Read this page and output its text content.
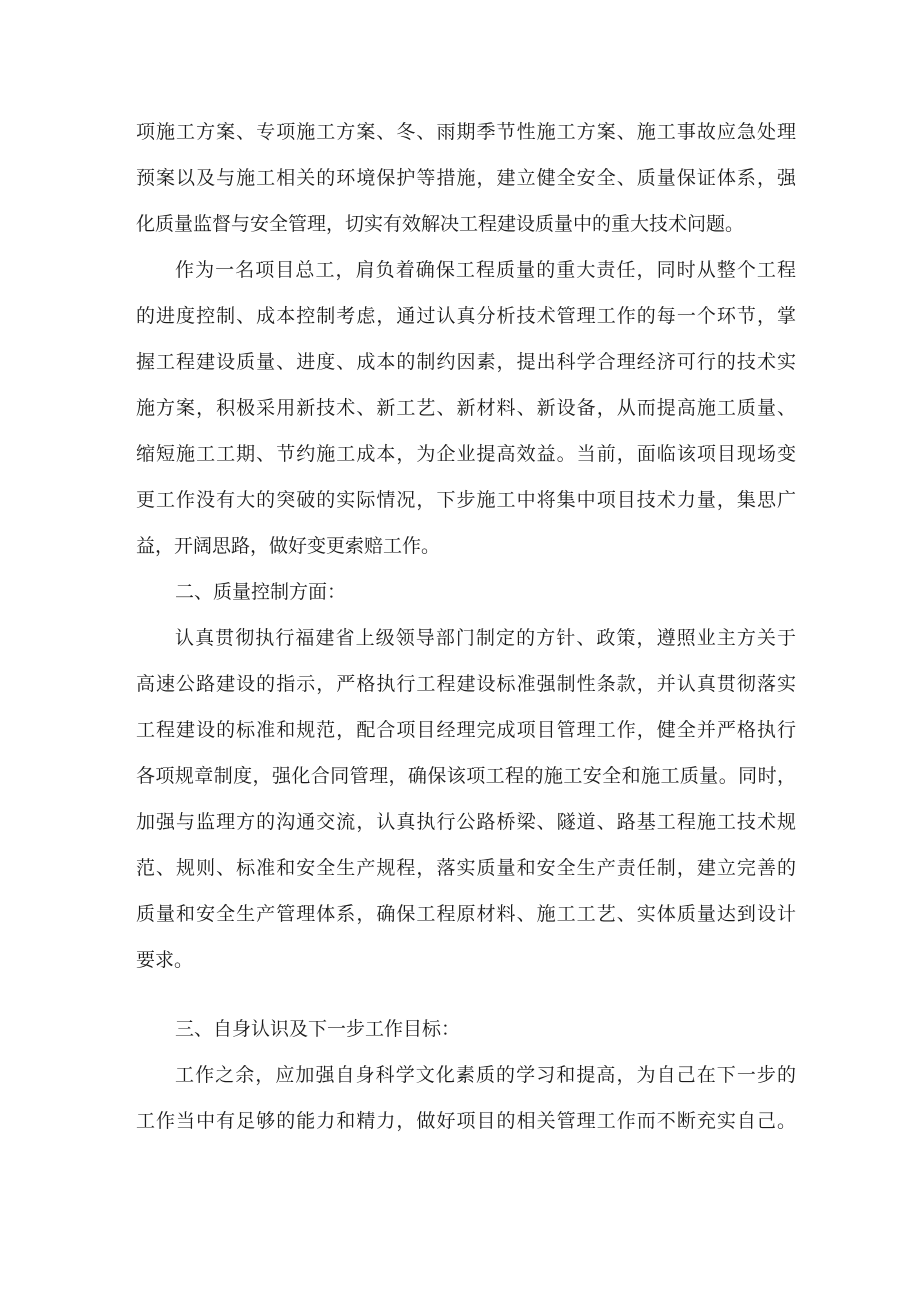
项施工方案、专项施工方案、冬、雨期季节性施工方案、施工事故应急处理
预案以及与施工相关的环境保护等措施，建立健全安全、质量保证体系，强
化质量监督与安全管理，切实有效解决工程建设质量中的重大技术问题。
作为一名项目总工，肩负着确保工程质量的重大责任，同时从整个工程
的进度控制、成本控制考虑，通过认真分析技术管理工作的每一个环节，掌
握工程建设质量、进度、成本的制约因素，提出科学合理经济可行的技术实
施方案，积极采用新技术、新工艺、新材料、新设备，从而提高施工质量、
缩短施工工期、节约施工成本，为企业提高效益。当前，面临该项目现场变
更工作没有大的突破的实际情况，下步施工中将集中项目技术力量，集思广
益，开阔思路，做好变更索赔工作。
二、质量控制方面：
认真贯彻执行福建省上级领导部门制定的方针、政策，遵照业主方关于
高速公路建设的指示，严格执行工程建设标准强制性条款，并认真贯彻落实
工程建设的标准和规范，配合项目经理完成项目管理工作，健全并严格执行
各项规章制度，强化合同管理，确保该项工程的施工安全和施工质量。同时，
加强与监理方的沟通交流，认真执行公路桥梁、隧道、路基工程施工技术规
范、规则、标准和安全生产规程，落实质量和安全生产责任制，建立完善的
质量和安全生产管理体系，确保工程原材料、施工工艺、实体质量达到设计
要求。
三、自身认识及下一步工作目标：
工作之余，应加强自身科学文化素质的学习和提高，为自己在下一步的
工作当中有足够的能力和精力，做好项目的相关管理工作而不断充实自己。
